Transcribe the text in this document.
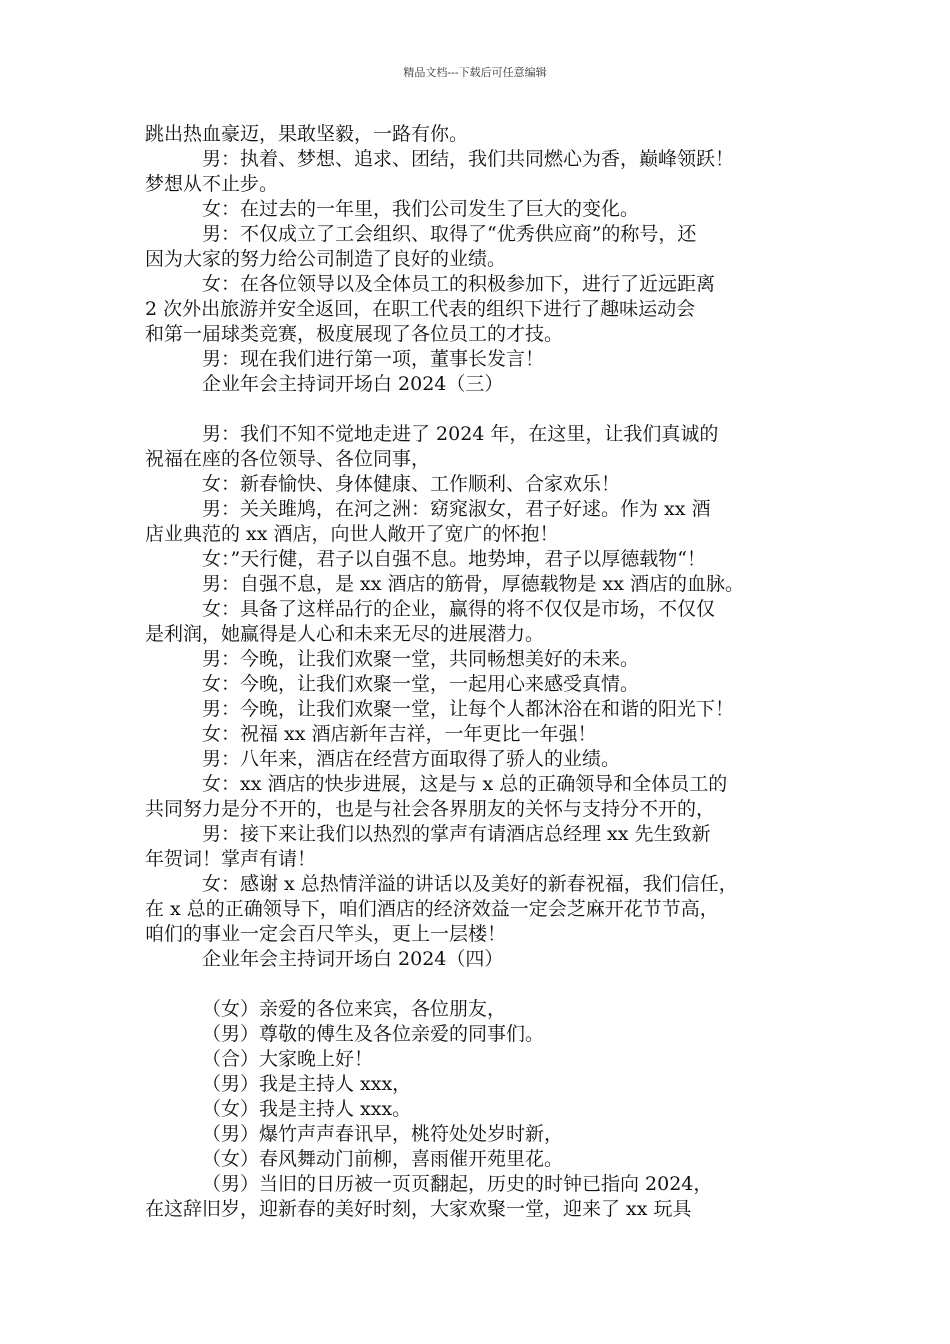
精品文档---下载后可任意编辑
跳出热血豪迈，果敢坚毅，一路有你。
男：执着、梦想、追求、团结，我们共同燃心为香，巅峰领跃！
梦想从不止步。
女：在过去的一年里，我们公司发生了巨大的变化。
男：不仅成立了工会组织、取得了“优秀供应商”的称号，还
因为大家的努力给公司制造了良好的业绩。
女：在各位领导以及全体员工的积极参加下，进行了近远距离
2 次外出旅游并安全返回，在职工代表的组织下进行了趣味运动会
和第一届球类竞赛，极度展现了各位员工的才技。
男：现在我们进行第一项，董事长发言！
企业年会主持词开场白 2024（三）
男：我们不知不觉地走进了 2024 年，在这里，让我们真诚的
祝福在座的各位领导、各位同事，
女：新春愉快、身体健康、工作顺利、合家欢乐！
男：关关雎鸠，在河之洲：窈窕淑女，君子好逑。作为 xx 酒
店业典范的 xx 酒店，向世人敞开了宽广的怀抱！
女：”天行健，君子以自强不息。地势坤，君子以厚德载物“！
男：自强不息，是 xx 酒店的筋骨，厚德载物是 xx 酒店的血脉。
女：具备了这样品行的企业，赢得的将不仅仅是市场，不仅仅
是利润，她赢得是人心和未来无尽的进展潜力。
男：今晚，让我们欢聚一堂，共同畅想美好的未来。
女：今晚，让我们欢聚一堂，一起用心来感受真情。
男：今晚，让我们欢聚一堂，让每个人都沐浴在和谐的阳光下！
女：祝福 xx 酒店新年吉祥，一年更比一年强！
男：八年来，酒店在经营方面取得了骄人的业绩。
女：xx 酒店的快步进展，这是与 x 总的正确领导和全体员工的
共同努力是分不开的，也是与社会各界朋友的关怀与支持分不开的，
男：接下来让我们以热烈的掌声有请酒店总经理 xx 先生致新
年贺词！掌声有请！
女：感谢 x 总热情洋溢的讲话以及美好的新春祝福，我们信任，
在 x 总的正确领导下，咱们酒店的经济效益一定会芝麻开花节节高，
咱们的事业一定会百尺竿头，更上一层楼！
企业年会主持词开场白 2024（四）
（女）亲爱的各位来宾，各位朋友，
（男）尊敬的傅生及各位亲爱的同事们。
（合）大家晚上好！
（男）我是主持人 xxx，
（女）我是主持人 xxx。
（男）爆竹声声春讯早，桃符处处岁时新，
（女）春风舞动门前柳，喜雨催开苑里花。
（男）当旧的日历被一页页翻起，历史的时钟已指向 2024，
在这辞旧岁，迎新春的美好时刻，大家欢聚一堂，迎来了 xx 玩具
